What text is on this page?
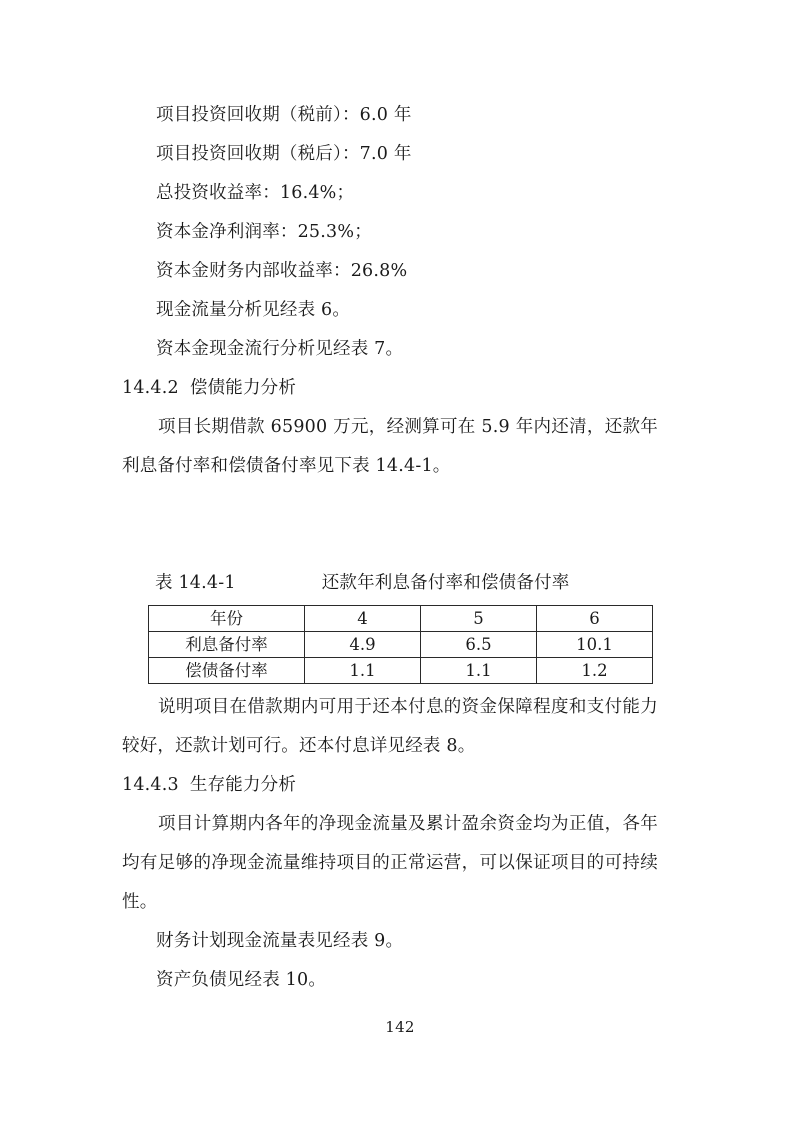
项目投资回收期（税前）：6.0 年
项目投资回收期（税后）：7.0 年
总投资收益率：16.4%；
资本金净利润率：25.3%；
资本金财务内部收益率：26.8%
现金流量分析见经表 6。
资本金现金流行分析见经表 7。
14.4.2 偿债能力分析

项目长期借款 65900 万元，经测算可在 5.9 年内还清，还款年利息备付率和偿债备付率见下表 14.4-1。

表 14.4-1	还款年利息备付率和偿债备付率
年份	4	5	6
利息备付率	4.9	6.5	10.1
偿债备付率	1.1	1.1	1.2

说明项目在借款期内可用于还本付息的资金保障程度和支付能力较好，还款计划可行。还本付息详见经表 8。

14.4.3 生存能力分析

项目计算期内各年的净现金流量及累计盈余资金均为正值，各年均有足够的净现金流量维持项目的正常运营，可以保证项目的可持续性。

财务计划现金流量表见经表 9。
资产负债见经表 10。
142
